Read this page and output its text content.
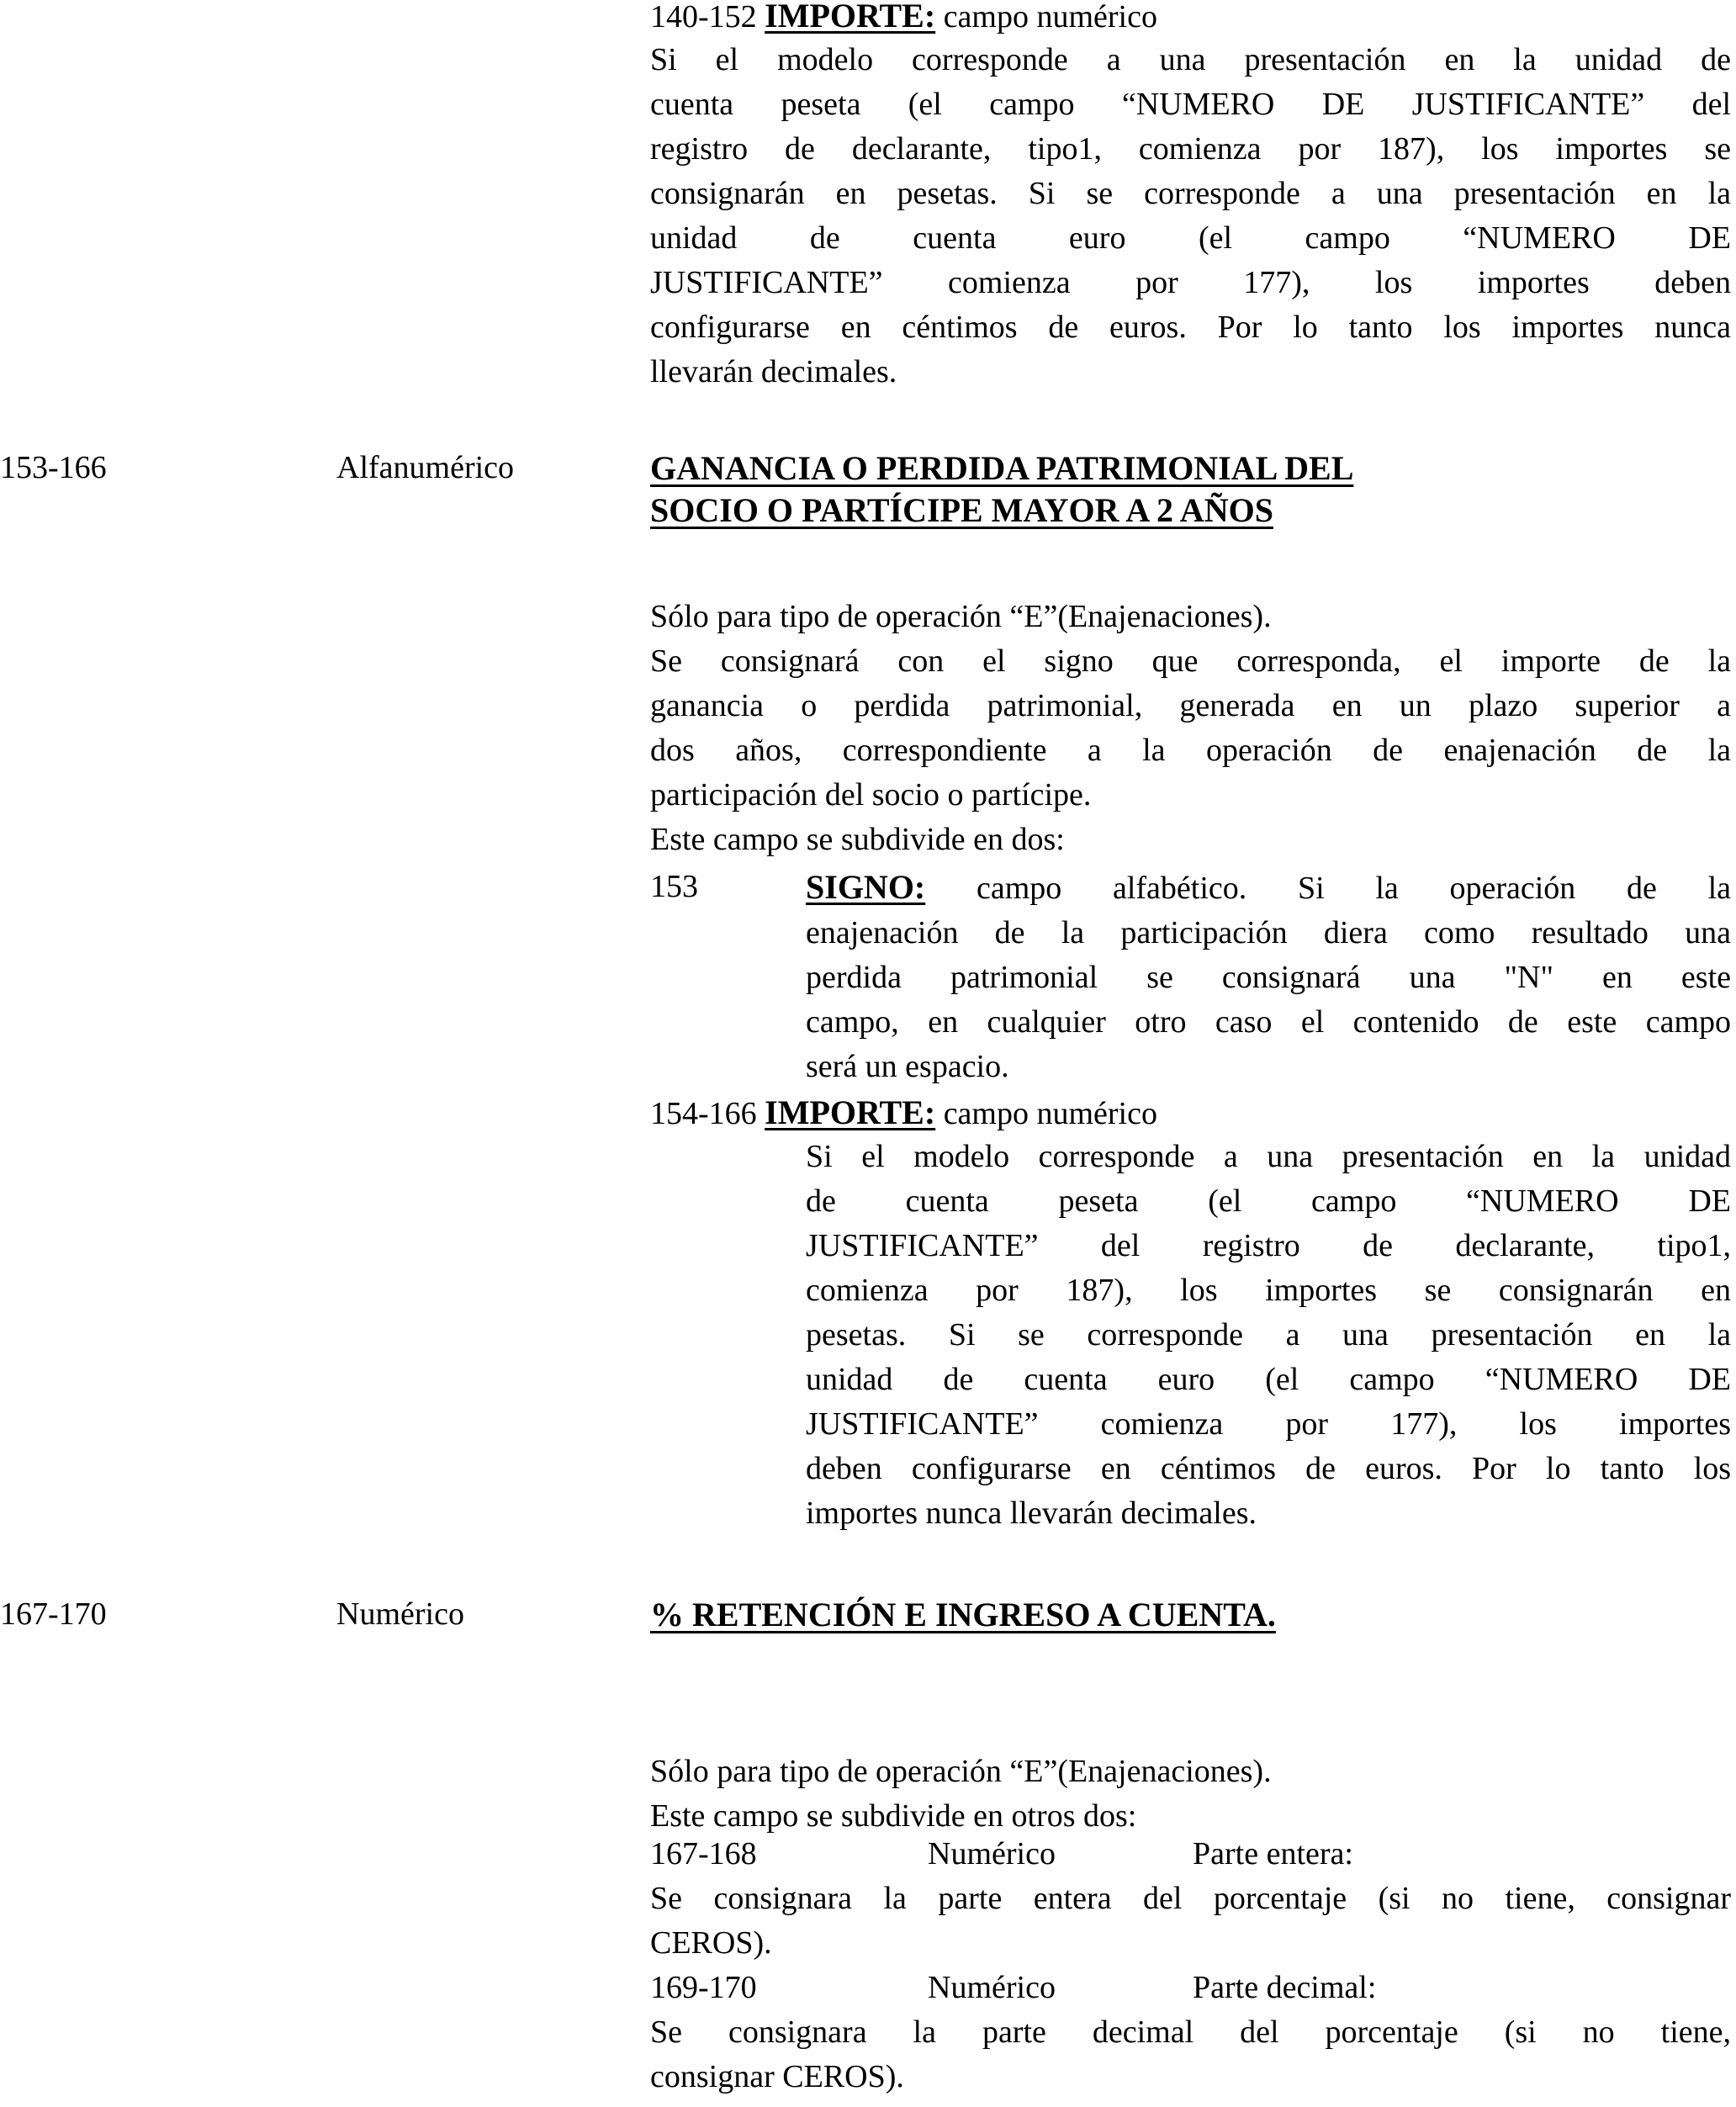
140-152 IMPORTE: campo numérico
Si el modelo corresponde a una presentación en la unidad de
cuenta peseta (el campo “NUMERO DE JUSTIFICANTE” del
registro de declarante, tipo1, comienza por 187), los importes se
consignarán en pesetas. Si se corresponde a una presentación en la
unidad de cuenta euro (el campo “NUMERO DE
JUSTIFICANTE” comienza por 177), los importes deben
configurarse en céntimos de euros. Por lo tanto los importes nunca
llevarán decimales.
153-166	Alfanumérico	GANANCIA O PERDIDA PATRIMONIAL DEL
SOCIO O PARTÍCIPE MAYOR A 2 AÑOS
Sólo para tipo de operación “E”(Enajenaciones).
Se consignará con el signo que corresponda, el importe de la
ganancia o perdida patrimonial, generada en un plazo superior a
dos años, correspondiente a la operación de enajenación de la
participación del socio o partícipe.
Este campo se subdivide en dos:
153	SIGNO: campo alfabético. Si la operación de la
enajenación de la participación diera como resultado una
perdida patrimonial se consignará una "N" en este
campo, en cualquier otro caso el contenido de este campo
será un espacio.
154-166 IMPORTE: campo numérico
Si el modelo corresponde a una presentación en la unidad
de cuenta peseta (el campo “NUMERO DE
JUSTIFICANTE” del registro de declarante, tipo1,
comienza por 187), los importes se consignarán en
pesetas. Si se corresponde a una presentación en la
unidad de cuenta euro (el campo “NUMERO DE
JUSTIFICANTE” comienza por 177), los importes
deben configurarse en céntimos de euros. Por lo tanto los
importes nunca llevarán decimales.
167-170	Numérico	% RETENCIÓN E INGRESO A CUENTA.
Sólo para tipo de operación “E”(Enajenaciones).
Este campo se subdivide en otros dos:
167-168	Numérico	Parte entera:
Se consignara la parte entera del porcentaje (si no tiene, consignar
CEROS).
169-170	Numérico	Parte decimal:
Se consignara la parte decimal del porcentaje (si no tiene,
consignar CEROS).
